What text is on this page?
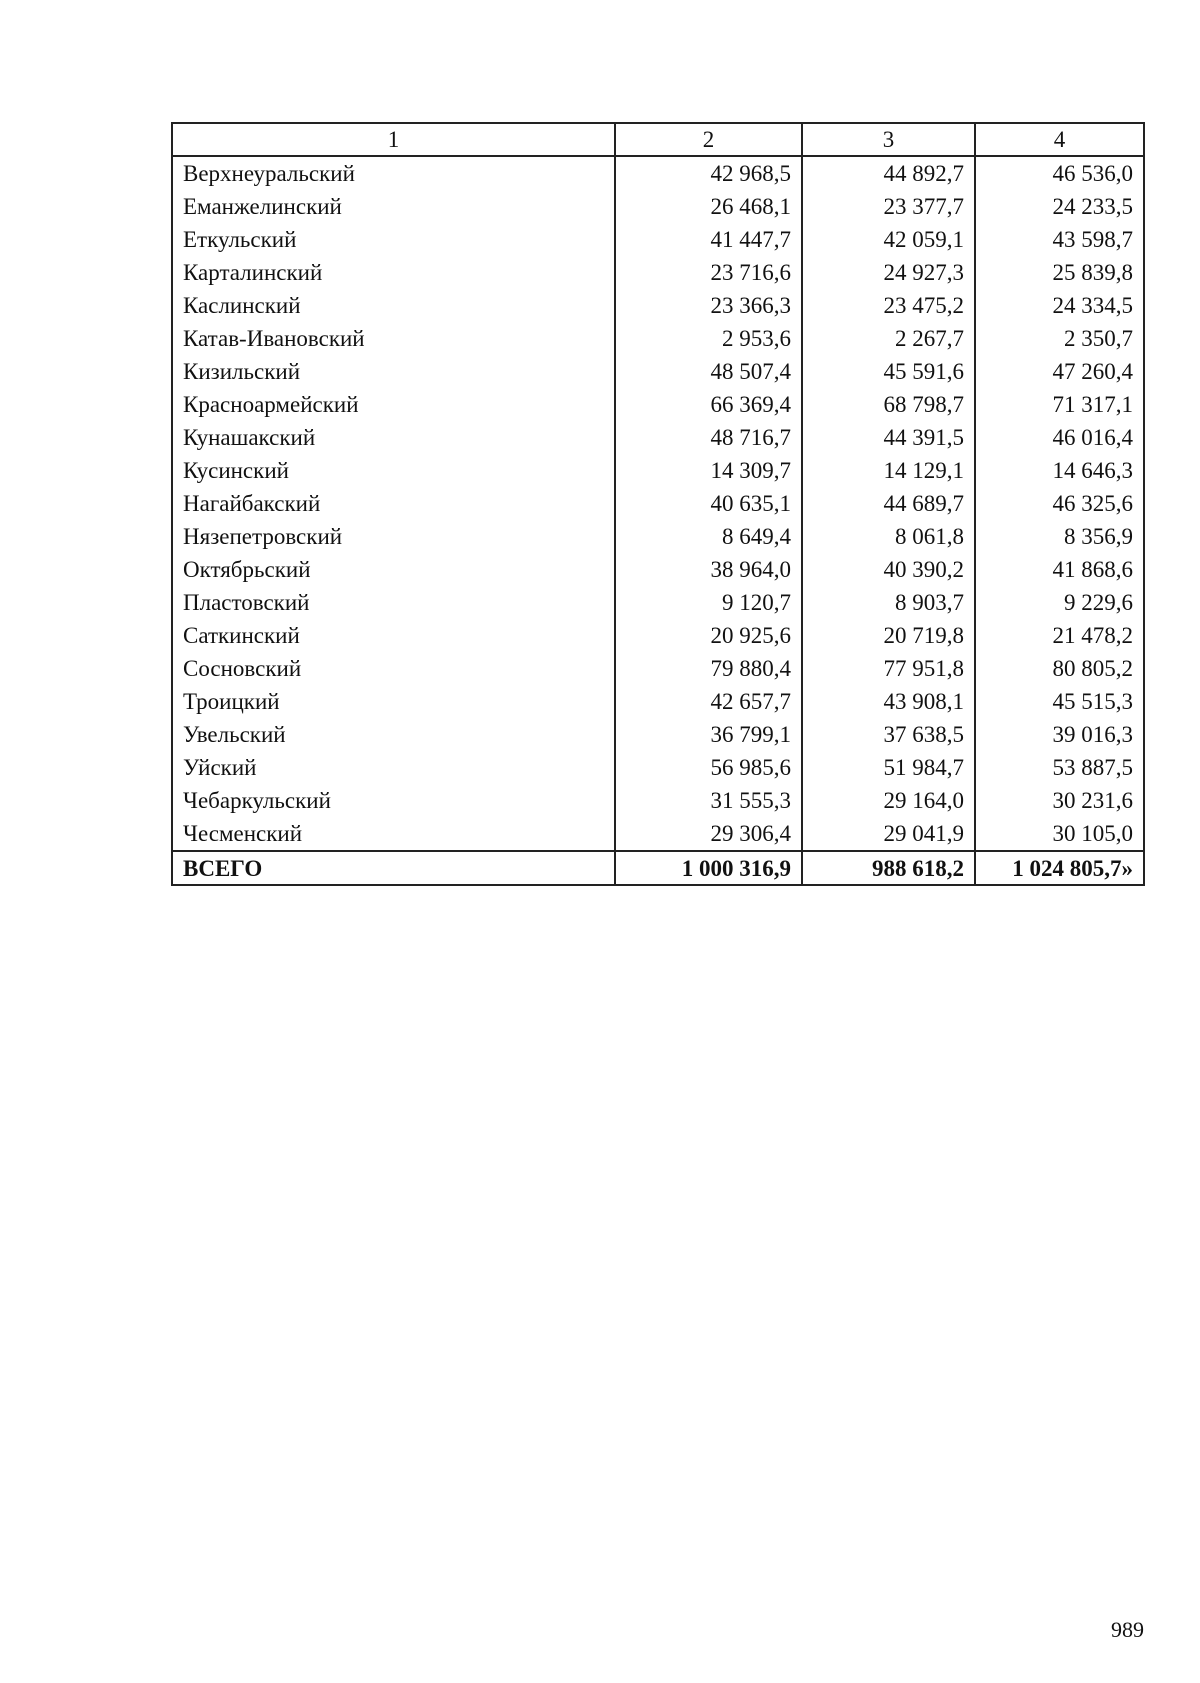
1	2	3	4
Верхнеуральский	42 968,5	44 892,7	46 536,0
Еманжелинский	26 468,1	23 377,7	24 233,5
Еткульский	41 447,7	42 059,1	43 598,7
Карталинский	23 716,6	24 927,3	25 839,8
Каслинский	23 366,3	23 475,2	24 334,5
Катав-Ивановский	2 953,6	2 267,7	2 350,7
Кизильский	48 507,4	45 591,6	47 260,4
Красноармейский	66 369,4	68 798,7	71 317,1
Кунашакский	48 716,7	44 391,5	46 016,4
Кусинский	14 309,7	14 129,1	14 646,3
Нагайбакский	40 635,1	44 689,7	46 325,6
Нязепетровский	8 649,4	8 061,8	8 356,9
Октябрьский	38 964,0	40 390,2	41 868,6
Пластовский	9 120,7	8 903,7	9 229,6
Саткинский	20 925,6	20 719,8	21 478,2
Сосновский	79 880,4	77 951,8	80 805,2
Троицкий	42 657,7	43 908,1	45 515,3
Увельский	36 799,1	37 638,5	39 016,3
Уйский	56 985,6	51 984,7	53 887,5
Чебаркульский	31 555,3	29 164,0	30 231,6
Чесменский	29 306,4	29 041,9	30 105,0
ВСЕГО	1 000 316,9	988 618,2	1 024 805,7»
989
